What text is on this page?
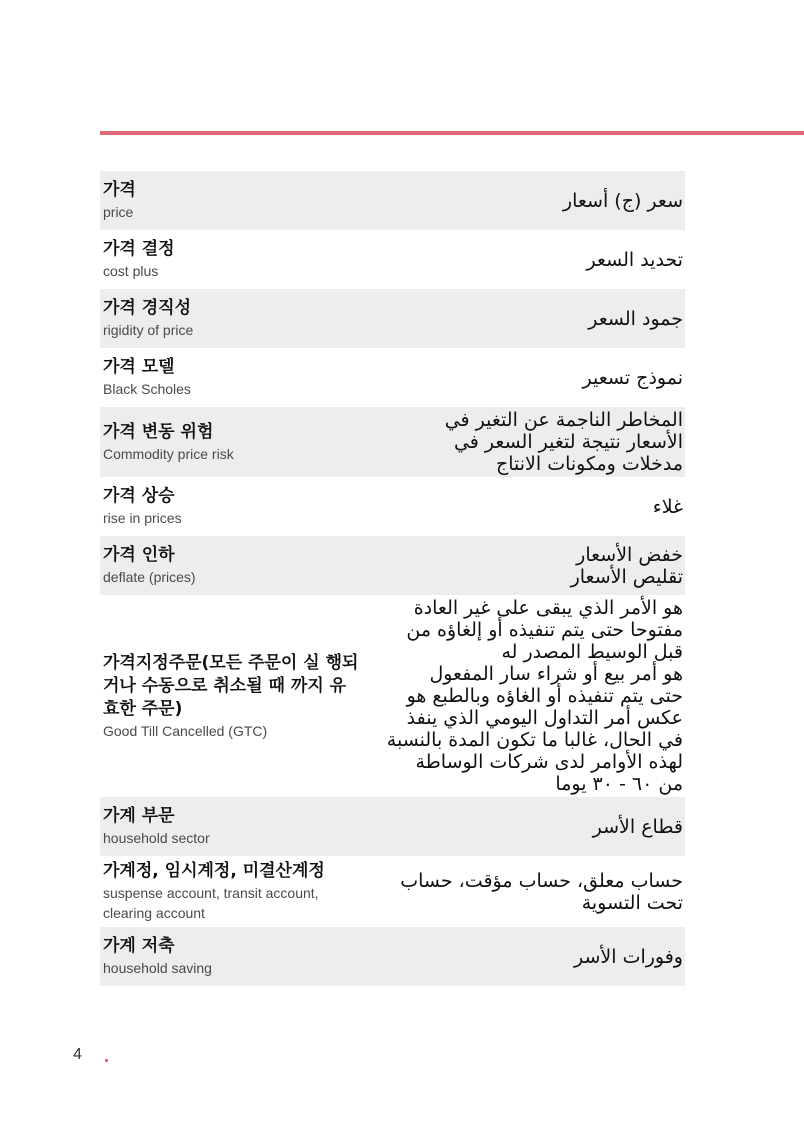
가격
price
سعر (ج) أسعار
가격 결정
cost plus
تحديد السعر
가격 경직성
rigidity of price
جمود السعر
가격 모델
Black Scholes
نموذج تسعير
가격 변동 위험
Commodity price risk
المخاطر الناجمة عن التغير في
الأسعار نتيجة لتغير السعر في
مدخلات ومكونات الانتاج
가격 상승
rise in prices
غلاء
가격 인하
deflate (prices)
خفض الأسعار
تقليص الأسعار
가격지정주문(모든 주문이 실 행되거나 수동으로 취소될 때 까지 유효한 주문)
Good Till Cancelled (GTC)
هو الأمر الذي يبقى على غير العادة
مفتوحا حتى يتم تنفيذه أو إلغاؤه من
قبل الوسيط المصدر له
هو أمر بيع أو شراء سار المفعول
حتى يتم تنفيذه أو الغاؤه وبالطبع هو
عكس أمر التداول اليومي الذي ينفذ
في الحال، غالبا ما تكون المدة بالنسبة
لهذه الأوامر لدى شركات الوساطة
من ٦٠ - ٣٠ يوما
가계 부문
household sector
قطاع الأسر
가계정, 임시계정, 미결산계정
suspense account, transit account, clearing account
حساب معلق، حساب مؤقت، حساب
تحت التسوية
가계 저축
household saving
وفورات الأسر
4
